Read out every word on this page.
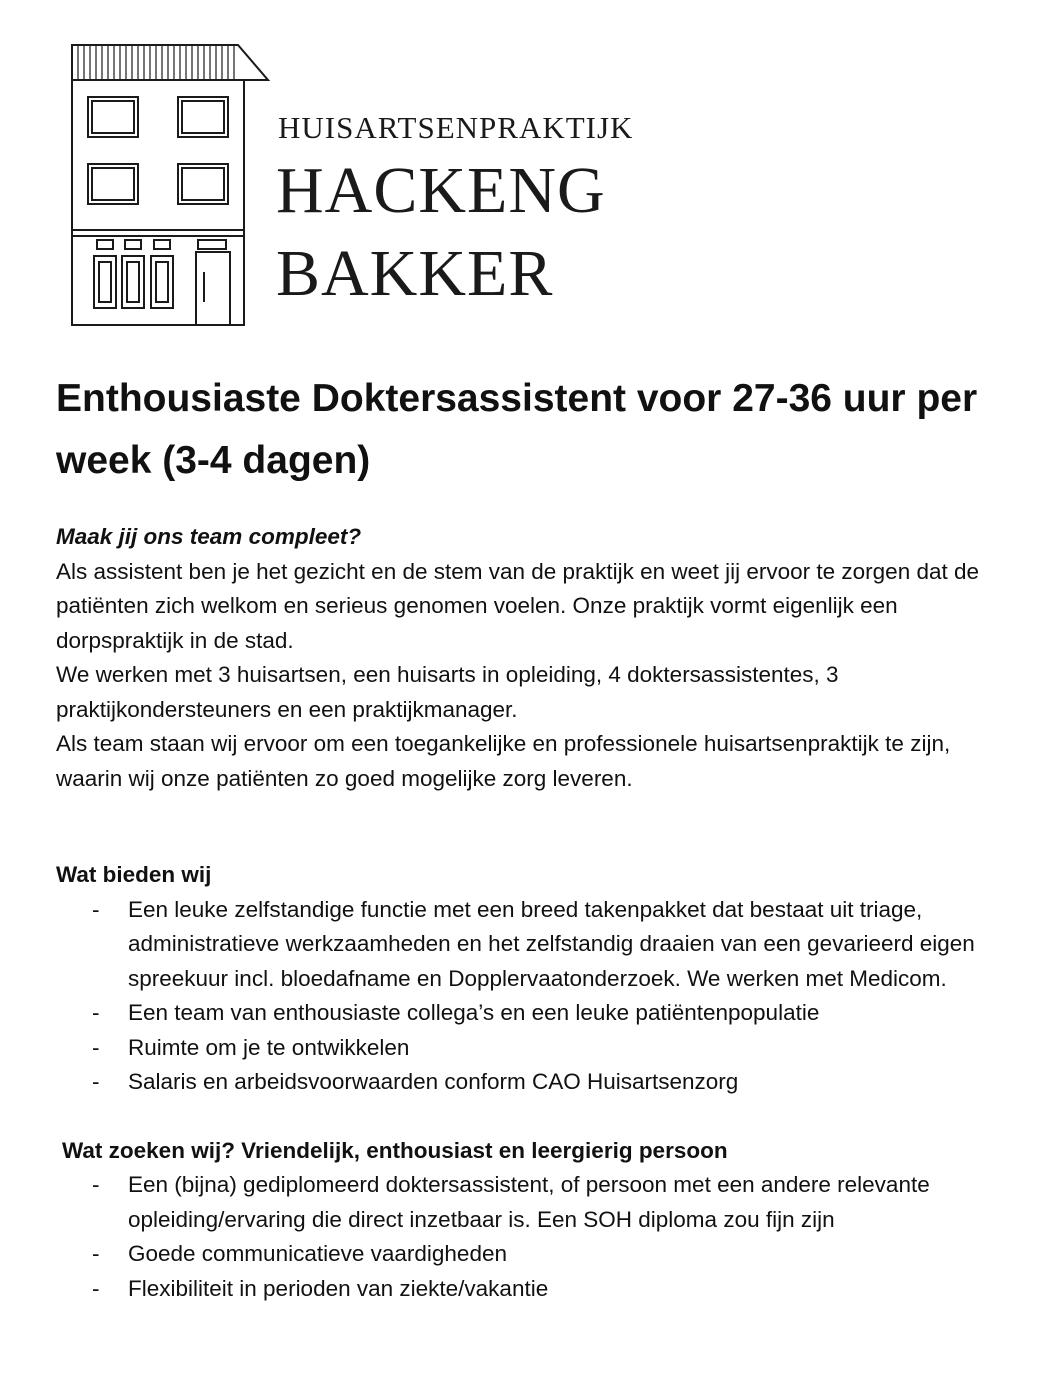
HUISARTSENPRAKTIJK
HACKENG
BAKKER
Enthousiaste Doktersassistent voor 27-36 uur per week (3-4 dagen)

Maak jij ons team compleet?

Als assistent ben je het gezicht en de stem van de praktijk en weet jij ervoor te zorgen dat de patiënten zich welkom en serieus genomen voelen. Onze praktijk vormt eigenlijk een dorpspraktijk in de stad.

We werken met 3 huisartsen, een huisarts in opleiding, 4 doktersassistentes, 3 praktijkondersteuners en een praktijkmanager.

Als team staan wij ervoor om een toegankelijke en professionele huisartsenpraktijk te zijn, waarin wij onze patiënten zo goed mogelijke zorg leveren.

Wat bieden wij

- Een leuke zelfstandige functie met een breed takenpakket dat bestaat uit triage, administratieve werkzaamheden en het zelfstandig draaien van een gevarieerd eigen spreekuur incl. bloedafname en Dopplervaatonderzoek. We werken met Medicom.
- Een team van enthousiaste collega’s en een leuke patiëntenpopulatie
- Ruimte om je te ontwikkelen
- Salaris en arbeidsvoorwaarden conform CAO Huisartsenzorg

Wat zoeken wij? Vriendelijk, enthousiast en leergierig persoon

- Een (bijna) gediplomeerd doktersassistent, of persoon met een andere relevante opleiding/ervaring die direct inzetbaar is. Een SOH diploma zou fijn zijn
- Goede communicatieve vaardigheden
- Flexibiliteit in perioden van ziekte/vakantie
